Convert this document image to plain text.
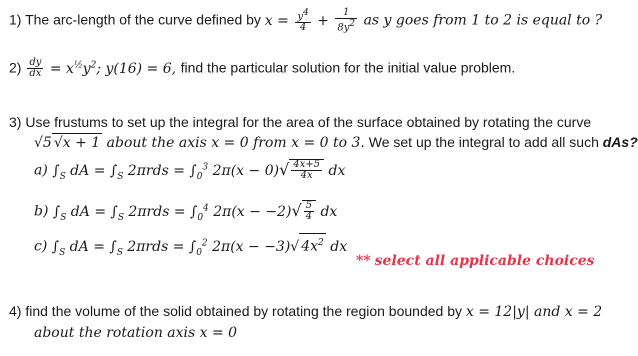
1) The arc-length of the curve defined by $x = \frac{y^4}{4} + \frac{1}{8y^2}$ as y goes from 1 to 2 is equal to ?
$2) \frac{dy}{dx} = x^{\frac{1}{2}}y^2$; y(16) = 6, find the particular solution for the initial value problem.
3) Use frustums to set up the integral for the area of the surface obtained by rotating the curve
√5 √x + 1 about the axis x = 0 from x = 0 to 3. We set up the integral to add all such dAs?
a) $\int_S$ dA = $\int_S$ $2\pi rds = \int_0^3$ $2\pi(x - 0)√ \frac{4x+5}{4x}$ dx
b) $\int_S$ dA = $\int_S$ $2\pi rds = \int_0^4$ $2\pi(x - -2)√ \frac{5}{4}$ dx
c) $\int_S$ dA = $\int_S$ $2\pi rds = \int_0^2$ 2π(x − −3)√ $4x^2$ dx
** select all applicable choices
4) find the volume of the solid obtained by rotating the region bounded by x = 12|y| and x = 2
about the rotation axis x = 0
